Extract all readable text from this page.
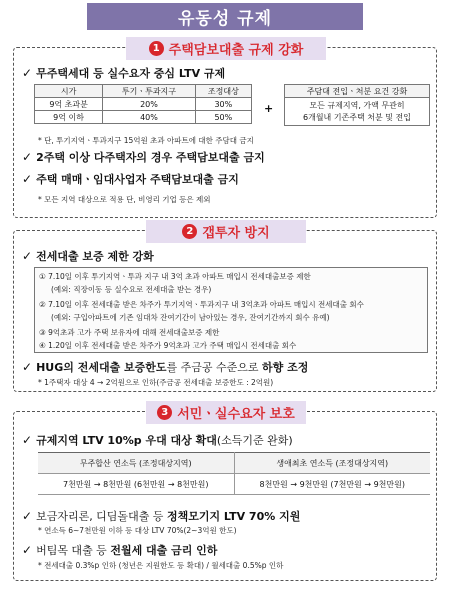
유동성 규제
1 주택담보대출 규제 강화
✓ 무주택세대 등 실수요자 중심 LTV 규제
시가	투기ㆍ투과지구	조정대상
9억 초과분	20%	30%
9억 이하	40%	50%
+
주담대 전입ㆍ처분 요건 강화

모든 규제지역, 가액 무관히
6개월내 기존주택 처분 및 전입
* 단, 투기지역ㆍ투과지구 15억원 초과 아파트에 대한 주담대 금지
✓ 2주택 이상 다주택자의 경우 주택담보대출 금지
✓ 주택 매매ㆍ임대사업자 주택담보대출 금지
* 모든 지역 대상으로 적용 단, 비영리 기업 등은 제외
2 갭투자 방지
✓ 전세대출 보증 제한 강화
① 7.10일 이후 투기지역ㆍ투과 지구 내 3억 초과 아파트 매입시 전세대출보증 제한
(예외: 직장이동 등 실수요로 전세대출 받는 경우)
② 7.10일 이후 전세대출 받은 차주가 투기지역ㆍ투과지구 내 3억초과 아파트 매입시 전세대출 회수
(예외: 구입아파트에 기존 임대차 잔여기간이 남아있는 경우, 잔여기간까지 회수 유예)
③ 9억초과 고가 주택 보유자에 대해 전세대출보증 제한
④ 1.20일 이후 전세대출 받은 차주가 9억초과 고가 주택 매입시 전세대출 회수
✓ HUG의 전세대출 보증한도를 주금공 수준으로 하향 조정
* 1주택자 대상 4 → 2억원으로 인하(주금공 전세대출 보증한도 : 2억원)
3 서민ㆍ실수요자 보호
✓ 규제지역 LTV 10%p 우대 대상 확대(소득기준 완화)
무주합산 연소득 (조정대상지역)	생애최초 연소득 (조정대상지역)
7천만원 → 8천만원 (6천만원 → 8천만원)	8천만원 → 9천만원 (7천만원 → 9천만원)
✓ 보금자리론, 디딤돌대출 등 정책모기지 LTV 70% 지원
* 연소득 6~7천만원 이하 등 대상 LTV 70%(2~3억원 한도)
✓ 버팀목 대출 등 전월세 대출 금리 인하
* 전세대출 0.3%p 인하 (청년은 지원한도 등 확대) / 월세대출 0.5%p 인하
